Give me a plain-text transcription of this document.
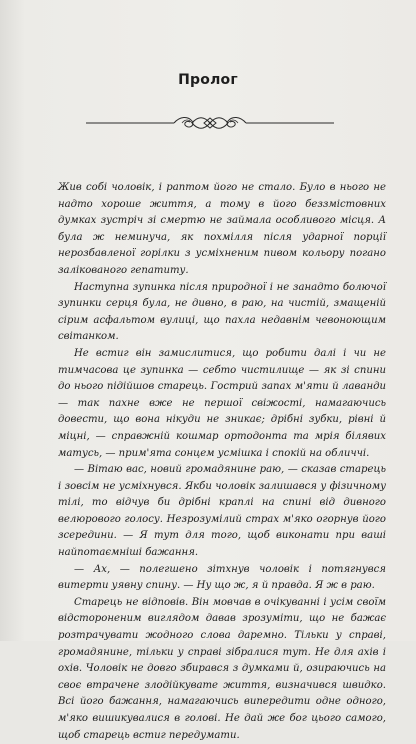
Пролог

Жив собі чоловік, і раптом його не стало. Було в нього не надто хороше життя, а тому в його беззмістовних думках зустріч зі смертю не займала особливого місця. А була ж неминуча, як похмілля після ударної порції нерозбавленої горілки з усміхненим пивом кольору погано залікованого гепатиту.

Наступна зупинка після природної і не занадто болючої зупинки серця була, не дивно, в раю, на чистій, змащеній сірим асфальтом вулиці, що пахла недавнім чевоноющим світанком.

Не встиг він замислитися, що робити далі і чи не тимчасова це зупинка — себто чистилище — як зі спини до нього підійшов старець. Гострий запах м'яти й лаванди — так пахне вже не першої свіжості, намагаючись довести, що вона нікуди не зникає; дрібні зубки, рівні й міцні, — справжній кошмар ортодонта та мрія білявих матусь, — прим'ята сонцем усмішка і спокій на обличчі.

— Вітаю вас, новий громадянине раю, — сказав старець і зовсім не усміхнувся. Якби чоловік залишався у фізичному тілі, то відчув би дрібні краплі на спині від дивного велюрового голосу. Незрозумілий страх м'яко огорнув його зсередини. — Я тут для того, щоб виконати при ваші найпотаємніші бажання.

— Ах, — полегшено зітхнув чоловік і потягнувся витерти уявну спину. — Ну що ж, я й правда. Я ж в раю.

Старець не відповів. Він мовчав в очікуванні і усім своїм відстороненим виглядом давав зрозуміти, що не бажає розтрачувати жодного слова даремно. Тільки у справі, громадянине, тільки у справі зібралися тут. Не для ахів і охів. Чоловік не довго збирався з думками й, озираючись на своє втрачене злодійкувате життя, визначився швидко. Всі його бажання, намагаючись випередити одне одного, м'яко вишикувалися в голові. Не дай же бог цього самого, щоб старець встиг передумати.
